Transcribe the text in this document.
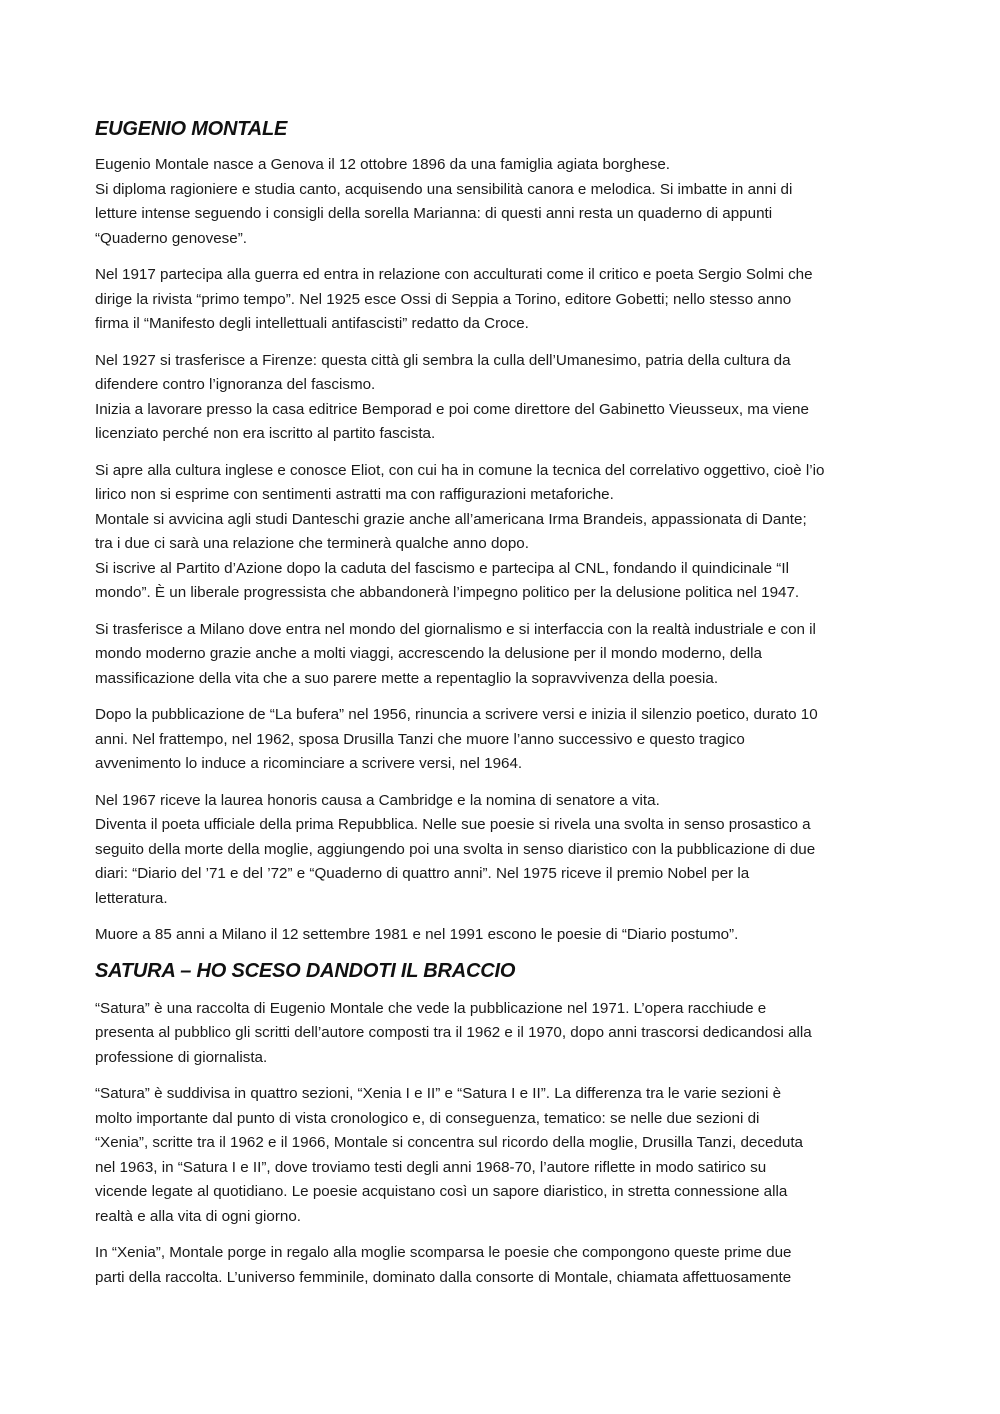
EUGENIO MONTALE
Eugenio Montale nasce a Genova il 12 ottobre 1896 da una famiglia agiata borghese.
Si diploma ragioniere e studia canto, acquisendo una sensibilità canora e melodica. Si imbatte in anni di
letture intense seguendo i consigli della sorella Marianna: di questi anni resta un quaderno di appunti
“Quaderno genovese”.
Nel 1917 partecipa alla guerra ed entra in relazione con acculturati come il critico e poeta Sergio Solmi che
dirige la rivista “primo tempo”. Nel 1925 esce Ossi di Seppia a Torino, editore Gobetti; nello stesso anno
firma il “Manifesto degli intellettuali antifascisti” redatto da Croce.
Nel 1927 si trasferisce a Firenze: questa città gli sembra la culla dell’Umanesimo, patria della cultura da
difendere contro l’ignoranza del fascismo.
Inizia a lavorare presso la casa editrice Bemporad e poi come direttore del Gabinetto Vieusseux, ma viene
licenziato perché non era iscritto al partito fascista.
Si apre alla cultura inglese e conosce Eliot, con cui ha in comune la tecnica del correlativo oggettivo, cioè l’io
lirico non si esprime con sentimenti astratti ma con raffigurazioni metaforiche.
Montale si avvicina agli studi Danteschi grazie anche all’americana Irma Brandeis, appassionata di Dante;
tra i due ci sarà una relazione che terminerà qualche anno dopo.
Si iscrive al Partito d’Azione dopo la caduta del fascismo e partecipa al CNL, fondando il quindicinale “Il
mondo”. È un liberale progressista che abbandonerà l’impegno politico per la delusione politica nel 1947.
Si trasferisce a Milano dove entra nel mondo del giornalismo e si interfaccia con la realtà industriale e con il
mondo moderno grazie anche a molti viaggi, accrescendo la delusione per il mondo moderno, della
massificazione della vita che a suo parere mette a repentaglio la sopravvivenza della poesia.
Dopo la pubblicazione de “La bufera” nel 1956, rinuncia a scrivere versi e inizia il silenzio poetico, durato 10
anni. Nel frattempo, nel 1962, sposa Drusilla Tanzi che muore l’anno successivo e questo tragico
avvenimento lo induce a ricominciare a scrivere versi, nel 1964.
Nel 1967 riceve la laurea honoris causa a Cambridge e la nomina di senatore a vita.
Diventa il poeta ufficiale della prima Repubblica. Nelle sue poesie si rivela una svolta in senso prosastico a
seguito della morte della moglie, aggiungendo poi una svolta in senso diaristico con la pubblicazione di due
diari: “Diario del ’71 e del ’72” e “Quaderno di quattro anni”. Nel 1975 riceve il premio Nobel per la
letteratura.
Muore a 85 anni a Milano il 12 settembre 1981 e nel 1991 escono le poesie di “Diario postumo”.
SATURA – HO SCESO DANDOTI IL BRACCIO
“Satura” è una raccolta di Eugenio Montale che vede la pubblicazione nel 1971. L’opera racchiude e
presenta al pubblico gli scritti dell’autore composti tra il 1962 e il 1970, dopo anni trascorsi dedicandosi alla
professione di giornalista.
“Satura” è suddivisa in quattro sezioni, “Xenia I e II” e “Satura I e II”. La differenza tra le varie sezioni è
molto importante dal punto di vista cronologico e, di conseguenza, tematico: se nelle due sezioni di
“Xenia”, scritte tra il 1962 e il 1966, Montale si concentra sul ricordo della moglie, Drusilla Tanzi, deceduta
nel 1963, in “Satura I e II”, dove troviamo testi degli anni 1968-70, l’autore riflette in modo satirico su
vicende legate al quotidiano. Le poesie acquistano così un sapore diaristico, in stretta connessione alla
realtà e alla vita di ogni giorno.
In “Xenia”, Montale porge in regalo alla moglie scomparsa le poesie che compongono queste prime due
parti della raccolta. L’universo femminile, dominato dalla consorte di Montale, chiamata affettuosamente
